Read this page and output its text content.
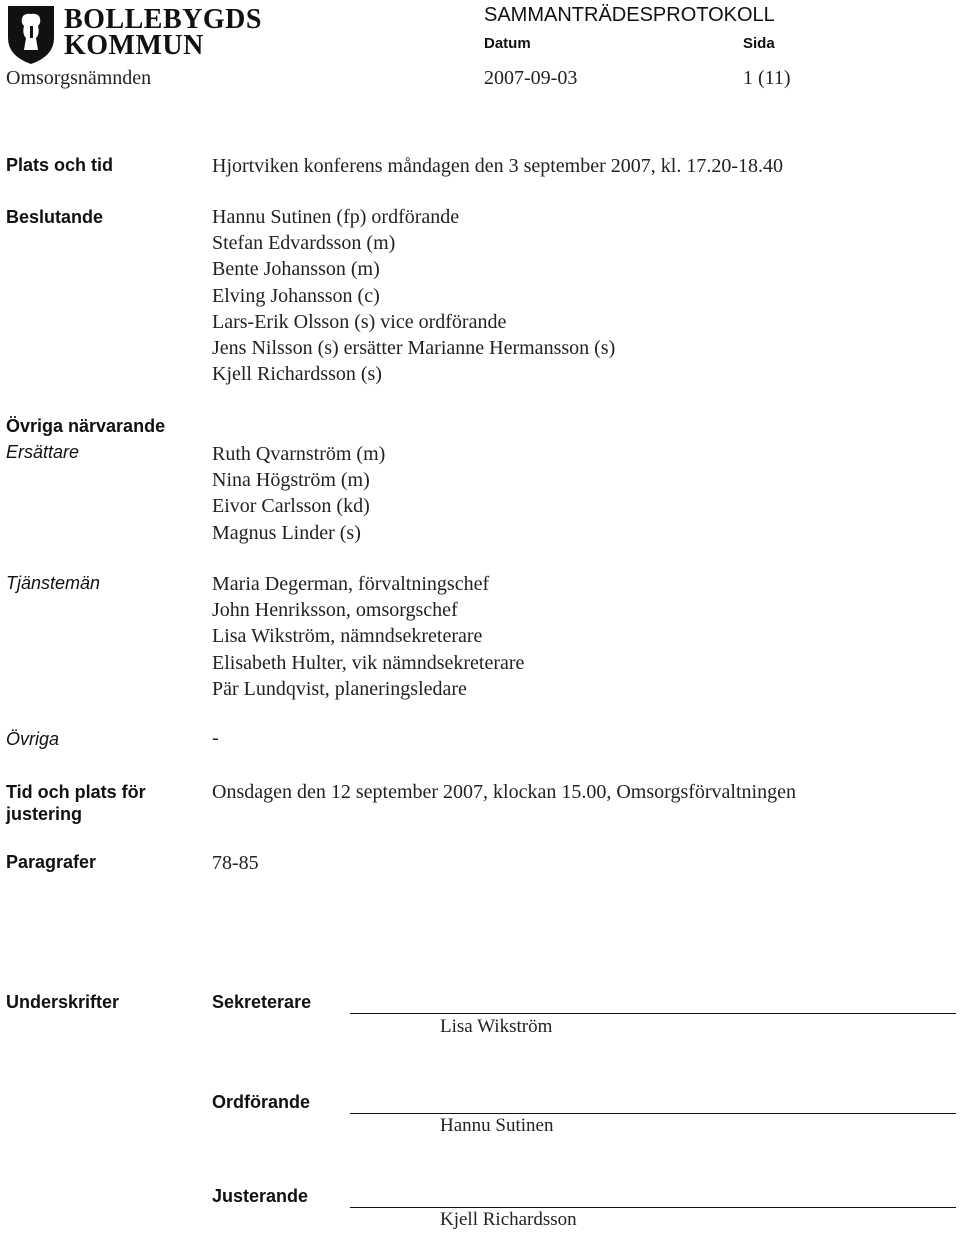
BOLLEBYGDS
KOMMUN
SAMMANTRÄDESPROTOKOLL
Datum	Sida
Omsorgsnämnden	2007-09-03	1 (11)
Plats och tid	Hjortviken konferens måndagen den 3 september 2007, kl. 17.20-18.40
Beslutande	Hannu Sutinen (fp) ordförande
Stefan Edvardsson (m)
Bente Johansson (m)
Elving Johansson (c)
Lars-Erik Olsson (s) vice ordförande
Jens Nilsson (s) ersätter Marianne Hermansson (s)
Kjell Richardsson (s)
Övriga närvarande
Ersättare	Ruth Qvarnström (m)
Nina Högström (m)
Eivor Carlsson (kd)
Magnus Linder (s)
Tjänstemän	Maria Degerman, förvaltningschef
John Henriksson, omsorgschef
Lisa Wikström, nämndsekreterare
Elisabeth Hulter, vik nämndsekreterare
Pär Lundqvist, planeringsledare
Övriga	-
Tid och plats för
justering
Onsdagen den 12 september 2007, klockan 15.00, Omsorgsförvaltningen
Paragrafer	78-85
Underskrifter	Sekreterare
Lisa Wikström
Ordförande
Hannu Sutinen
Justerande
Kjell Richardsson
